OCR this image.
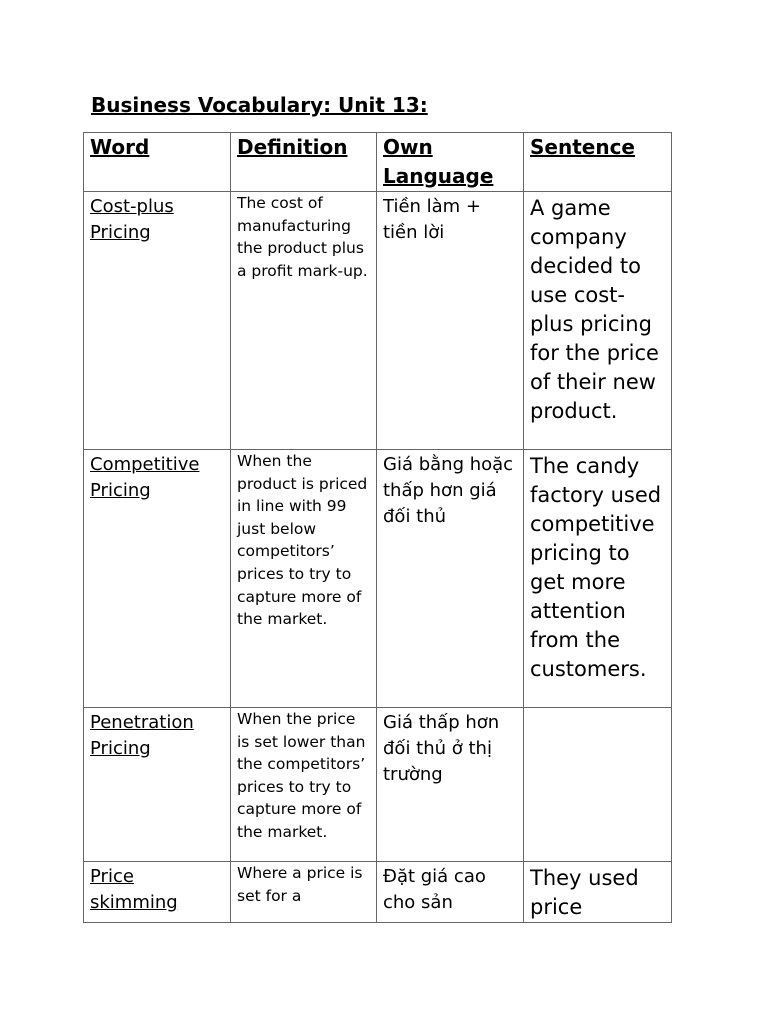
Business Vocabulary: Unit 13:
Word	Definition	Own Language	Sentence
Cost-plus Pricing	The cost of manufacturing the product plus a profit mark-up.	Tiền làm + tiền lời	A game company decided to use cost-plus pricing for the price of their new product.
Competitive Pricing	When the product is priced in line with 99 just below competitors’ prices to try to capture more of the market.	Giá bằng hoặc thấp hơn giá đối thủ	The candy factory used competitive pricing to get more attention from the customers.
Penetration Pricing	When the price is set lower than the competitors’ prices to try to capture more of the market.	Giá thấp hơn đối thủ ở thị trường	
Price skimming	Where a price is set for a	Đặt giá cao cho sản	They used price
